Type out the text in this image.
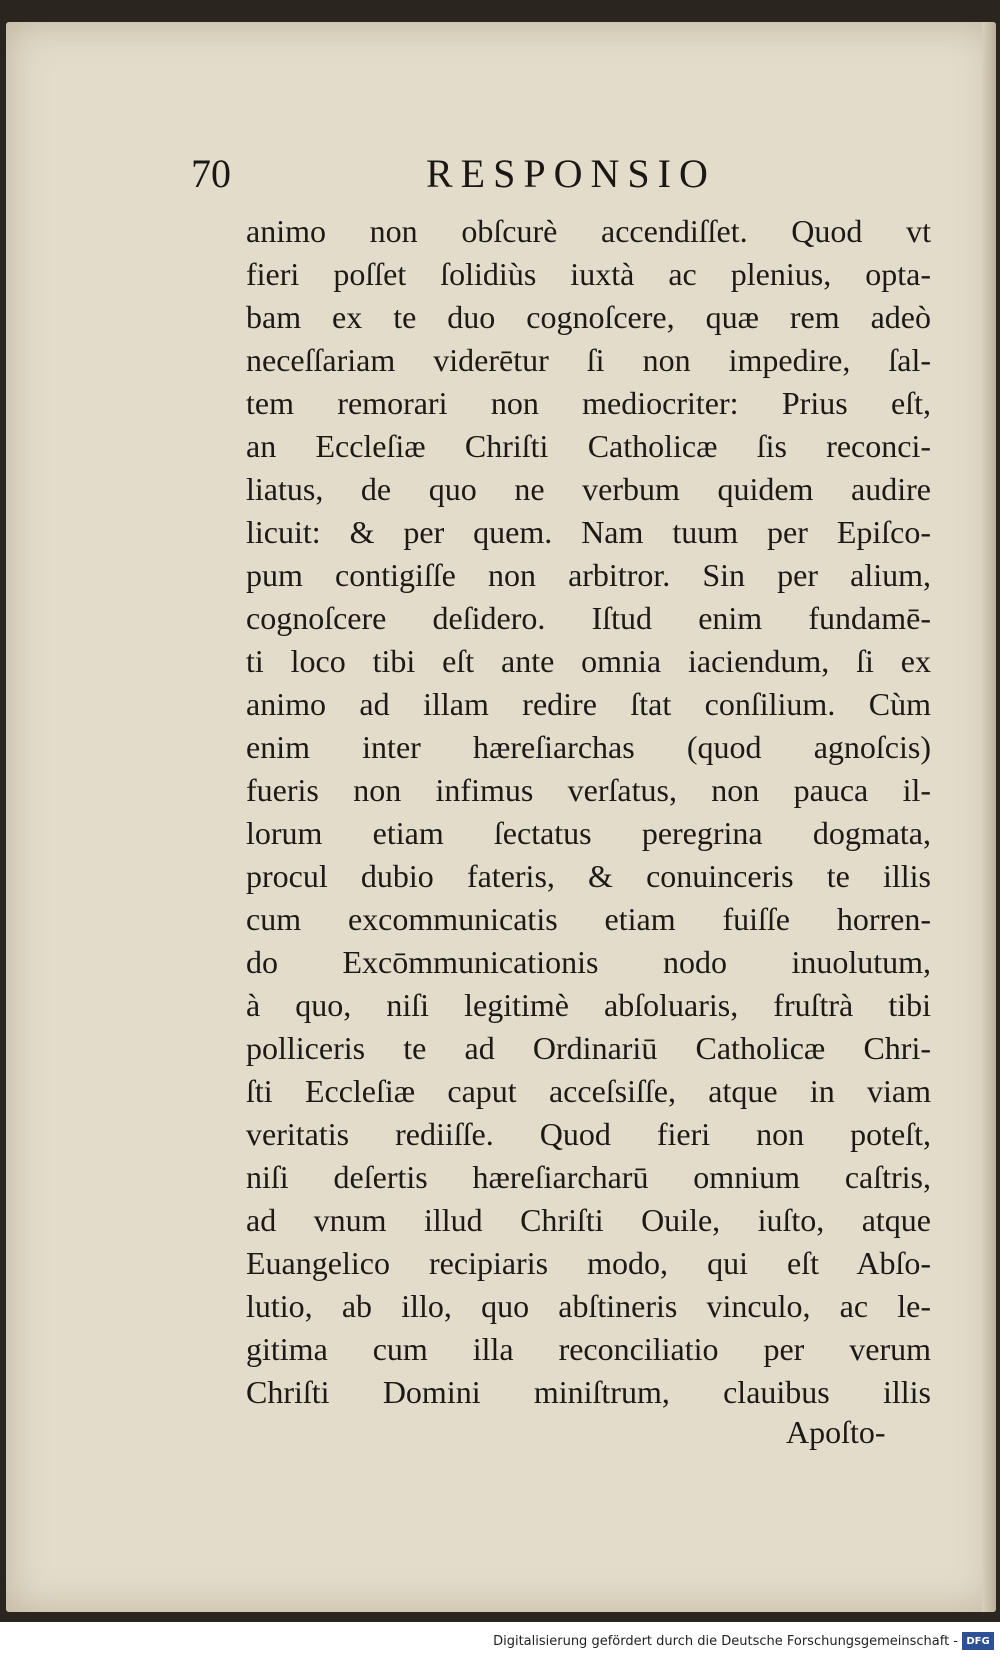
70	RESPONSIO
animo non obſcurè accendiſſet. Quod vt
fieri poſſet ſolidiùs iuxtà ac plenius, opta-
bam ex te duo cognoſcere, quæ rem adeò
neceſſariam viderētur ſi non impedire, ſal-
tem remorari non mediocriter: Prius eſt,
an Eccleſiæ Chriſti Catholicæ ſis reconci-
liatus, de quo ne verbum quidem audire
licuit: & per quem. Nam tuum per Epiſco-
pum contigiſſe non arbitror. Sin per alium,
cognoſcere deſidero. Iſtud enim fundamē-
ti loco tibi eſt ante omnia iaciendum, ſi ex
animo ad illam redire ſtat conſilium. Cùm
enim inter hæreſiarchas (quod agnoſcis)
fueris non infimus verſatus, non pauca il-
lorum etiam ſectatus peregrina dogmata,
procul dubio fateris, & conuinceris te illis
cum excommunicatis etiam fuiſſe horren-
do Excōmmunicationis nodo inuolutum,
à quo, niſi legitimè abſoluaris, fruſtrà tibi
polliceris te ad Ordinariū Catholicæ Chri-
ſti Eccleſiæ caput acceſsiſſe, atque in viam
veritatis rediiſſe. Quod fieri non poteſt,
niſi deſertis hæreſiarcharū omnium caſtris,
ad vnum illud Chriſti Ouile, iuſto, atque
Euangelico recipiaris modo, qui eſt Abſo-
lutio, ab illo, quo abſtineris vinculo, ac le-
gitima cum illa reconciliatio per verum
Chriſti Domini miniſtrum, clauibus illis
Apoſto-
Digitalisierung gefördert durch die Deutsche Forschungsgemeinschaft - DFG
